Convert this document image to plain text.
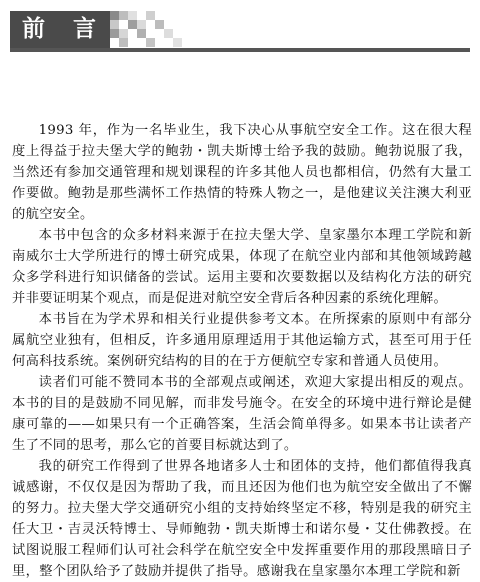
前 言

1993 年，作为一名毕业生，我下决心从事航空安全工作。这在很大程度上得益于拉夫堡大学的鲍勃・凯夫斯博士给予我的鼓励。鲍勃说服了我，当然还有参加交通管理和规划课程的许多其他人员也都相信，仍然有大量工作要做。鲍勃是那些满怀工作热情的特殊人物之一，是他建议关注澳大利亚的航空安全。

本书中包含的众多材料来源于在拉夫堡大学、皇家墨尔本理工学院和新南威尔士大学所进行的博士研究成果，体现了在航空业内部和其他领域跨越众多学科进行知识储备的尝试。运用主要和次要数据以及结构化方法的研究并非要证明某个观点，而是促进对航空安全背后各种因素的系统化理解。

本书旨在为学术界和相关行业提供参考文本。在所探索的原则中有部分属航空业独有，但相反，许多通用原理适用于其他运输方式，甚至可用于任何高科技系统。案例研究结构的目的在于方便航空专家和普通人员使用。

读者们可能不赞同本书的全部观点或阐述，欢迎大家提出相反的观点。本书的目的是鼓励不同见解，而非发号施令。在安全的环境中进行辩论是健康可靠的——如果只有一个正确答案，生活会简单得多。如果本书让读者产生了不同的思考，那么它的首要目标就达到了。

我的研究工作得到了世界各地诸多人士和团体的支持，他们都值得我真诚感谢，不仅仅是因为帮助了我，而且还因为他们也为航空安全做出了不懈的努力。拉夫堡大学交通研究小组的支持始终坚定不移，特别是我的研究主任大卫・吉灵沃特博士、导师鲍勃・凯夫斯博士和诺尔曼・艾仕佛教授。在试图说服工程师们认可社会科学在航空安全中发挥重要作用的那段黑暗日子里，整个团队给予了鼓励并提供了指导。感谢我在皇家墨尔本理工学院和新
